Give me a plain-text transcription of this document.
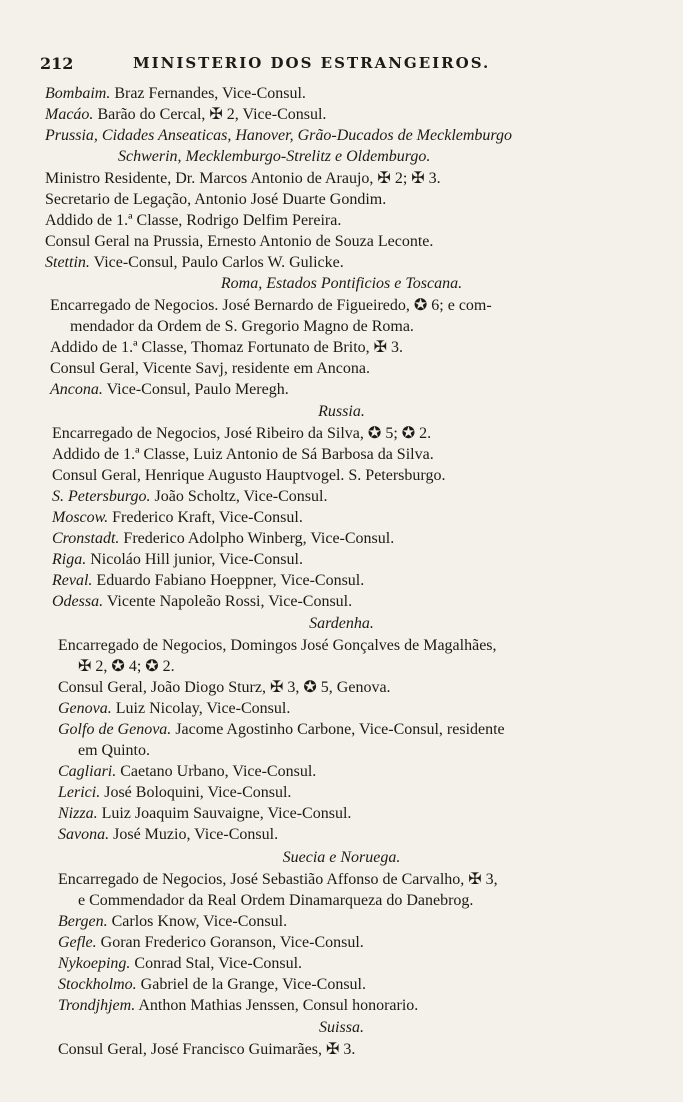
212	MINISTERIO DOS ESTRANGEIROS.
Bombaim. Braz Fernandes, Vice-Consul.
Macáo. Barão do Cercal, ✠ 2, Vice-Consul.
Prussia, Cidades Anseaticas, Hanover, Grão-Ducados de Mecklemburgo
Schwerin, Mecklemburgo-Strelitz e Oldemburgo.
Ministro Residente, Dr. Marcos Antonio de Araujo, ✠ 2; ✠ 3.
Secretario de Legação, Antonio José Duarte Gondim.
Addido de 1.ª Classe, Rodrigo Delfim Pereira.
Consul Geral na Prussia, Ernesto Antonio de Souza Leconte.
Stettin. Vice-Consul, Paulo Carlos W. Gulicke.
Roma, Estados Pontificios e Toscana.
Encarregado de Negocios. José Bernardo de Figueiredo, ✪ 6; e com-
mendador da Ordem de S. Gregorio Magno de Roma.
Addido de 1.ª Classe, Thomaz Fortunato de Brito, ✠ 3.
Consul Geral, Vicente Savj, residente em Ancona.
Ancona. Vice-Consul, Paulo Meregh.
Russia.
Encarregado de Negocios, José Ribeiro da Silva, ✪ 5; ✪ 2.
Addido de 1.ª Classe, Luiz Antonio de Sá Barbosa da Silva.
Consul Geral, Henrique Augusto Hauptvogel. S. Petersburgo.
S. Petersburgo. João Scholtz, Vice-Consul.
Moscow. Frederico Kraft, Vice-Consul.
Cronstadt. Frederico Adolpho Winberg, Vice-Consul.
Riga. Nicoláo Hill junior, Vice-Consul.
Reval. Eduardo Fabiano Hoeppner, Vice-Consul.
Odessa. Vicente Napoleão Rossi, Vice-Consul.
Sardenha.
Encarregado de Negocios, Domingos José Gonçalves de Magalhães,
✠ 2, ✪ 4; ✪ 2.
Consul Geral, João Diogo Sturz, ✠ 3, ✪ 5, Genova.
Genova. Luiz Nicolay, Vice-Consul.
Golfo de Genova. Jacome Agostinho Carbone, Vice-Consul, residente
em Quinto.
Cagliari. Caetano Urbano, Vice-Consul.
Lerici. José Boloquini, Vice-Consul.
Nizza. Luiz Joaquim Sauvaigne, Vice-Consul.
Savona. José Muzio, Vice-Consul.
Suecia e Noruega.
Encarregado de Negocios, José Sebastião Affonso de Carvalho, ✠ 3,
e Commendador da Real Ordem Dinamarqueza do Danebrog.
Bergen. Carlos Know, Vice-Consul.
Gefle. Goran Frederico Goranson, Vice-Consul.
Nykoeping. Conrad Stal, Vice-Consul.
Stockholmo. Gabriel de la Grange, Vice-Consul.
Trondjhjem. Anthon Mathias Jenssen, Consul honorario.
Suissa.
Consul Geral, José Francisco Guimarães, ✠ 3.
